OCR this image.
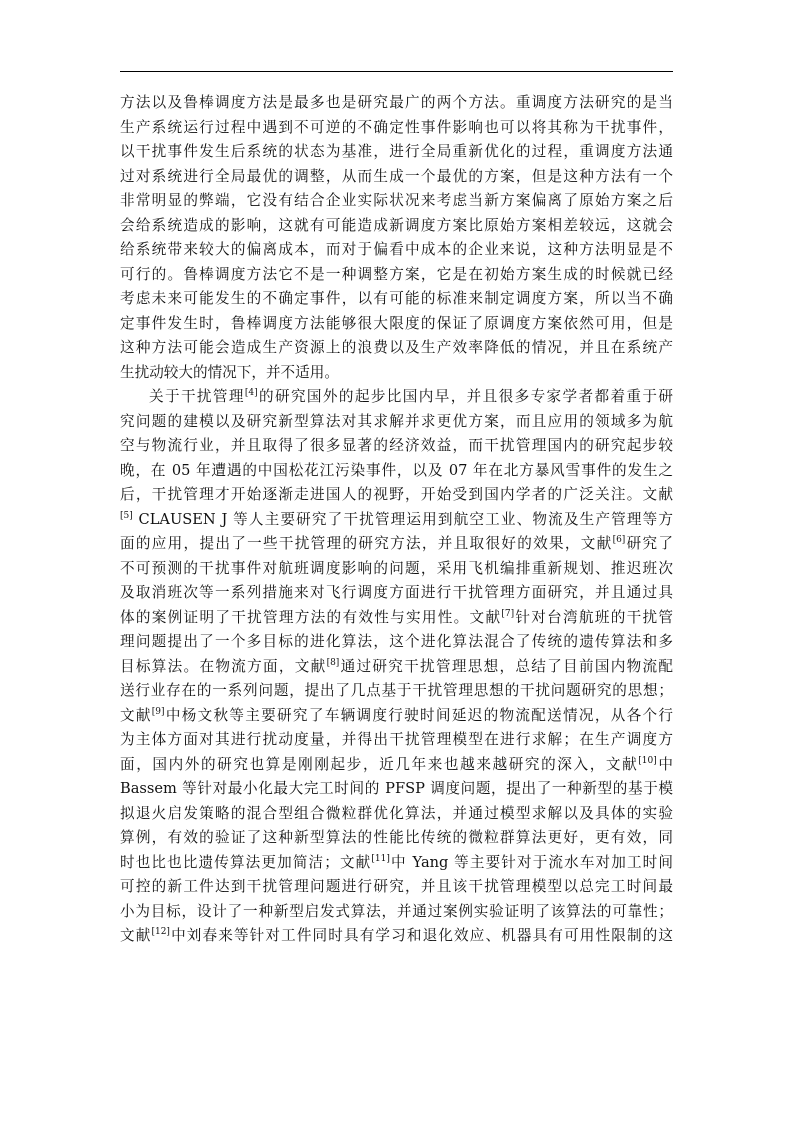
方法以及鲁棒调度方法是最多也是研究最广的两个方法。重调度方法研究的是当
生产系统运行过程中遇到不可逆的不确定性事件影响也可以将其称为干扰事件，
以干扰事件发生后系统的状态为基准，进行全局重新优化的过程，重调度方法通
过对系统进行全局最优的调整，从而生成一个最优的方案，但是这种方法有一个
非常明显的弊端，它没有结合企业实际状况来考虑当新方案偏离了原始方案之后
会给系统造成的影响，这就有可能造成新调度方案比原始方案相差较远，这就会
给系统带来较大的偏离成本，而对于偏看中成本的企业来说，这种方法明显是不
可行的。鲁棒调度方法它不是一种调整方案，它是在初始方案生成的时候就已经
考虑未来可能发生的不确定事件，以有可能的标准来制定调度方案，所以当不确
定事件发生时，鲁棒调度方法能够很大限度的保证了原调度方案依然可用，但是
这种方法可能会造成生产资源上的浪费以及生产效率降低的情况，并且在系统产
生扰动较大的情况下，并不适用。
关于干扰管理[4]的研究国外的起步比国内早，并且很多专家学者都着重于研
究问题的建模以及研究新型算法对其求解并求更优方案，而且应用的领域多为航
空与物流行业，并且取得了很多显著的经济效益，而干扰管理国内的研究起步较
晚，在 05 年遭遇的中国松花江污染事件，以及 07 年在北方暴风雪事件的发生之
后，干扰管理才开始逐渐走进国人的视野，开始受到国内学者的广泛关注。文献
[5] CLAUSEN J 等人主要研究了干扰管理运用到航空工业、物流及生产管理等方
面的应用，提出了一些干扰管理的研究方法，并且取很好的效果，文献[6]研究了
不可预测的干扰事件对航班调度影响的问题，采用飞机编排重新规划、推迟班次
及取消班次等一系列措施来对飞行调度方面进行干扰管理方面研究，并且通过具
体的案例证明了干扰管理方法的有效性与实用性。文献[7]针对台湾航班的干扰管
理问题提出了一个多目标的进化算法，这个进化算法混合了传统的遗传算法和多
目标算法。在物流方面，文献[8]通过研究干扰管理思想，总结了目前国内物流配
送行业存在的一系列问题，提出了几点基于干扰管理思想的干扰问题研究的思想；
文献[9]中杨文秋等主要研究了车辆调度行驶时间延迟的物流配送情况，从各个行
为主体方面对其进行扰动度量，并得出干扰管理模型在进行求解；在生产调度方
面，国内外的研究也算是刚刚起步，近几年来也越来越研究的深入，文献[10]中
Bassem 等针对最小化最大完工时间的 PFSP 调度问题，提出了一种新型的基于模
拟退火启发策略的混合型组合微粒群优化算法，并通过模型求解以及具体的实验
算例，有效的验证了这种新型算法的性能比传统的微粒群算法更好，更有效，同
时也比也比遗传算法更加简洁；文献[11]中 Yang 等主要针对于流水车对加工时间
可控的新工件达到干扰管理问题进行研究，并且该干扰管理模型以总完工时间最
小为目标，设计了一种新型启发式算法，并通过案例实验证明了该算法的可靠性；
文献[12]中刘春来等针对工件同时具有学习和退化效应、机器具有可用性限制的这
